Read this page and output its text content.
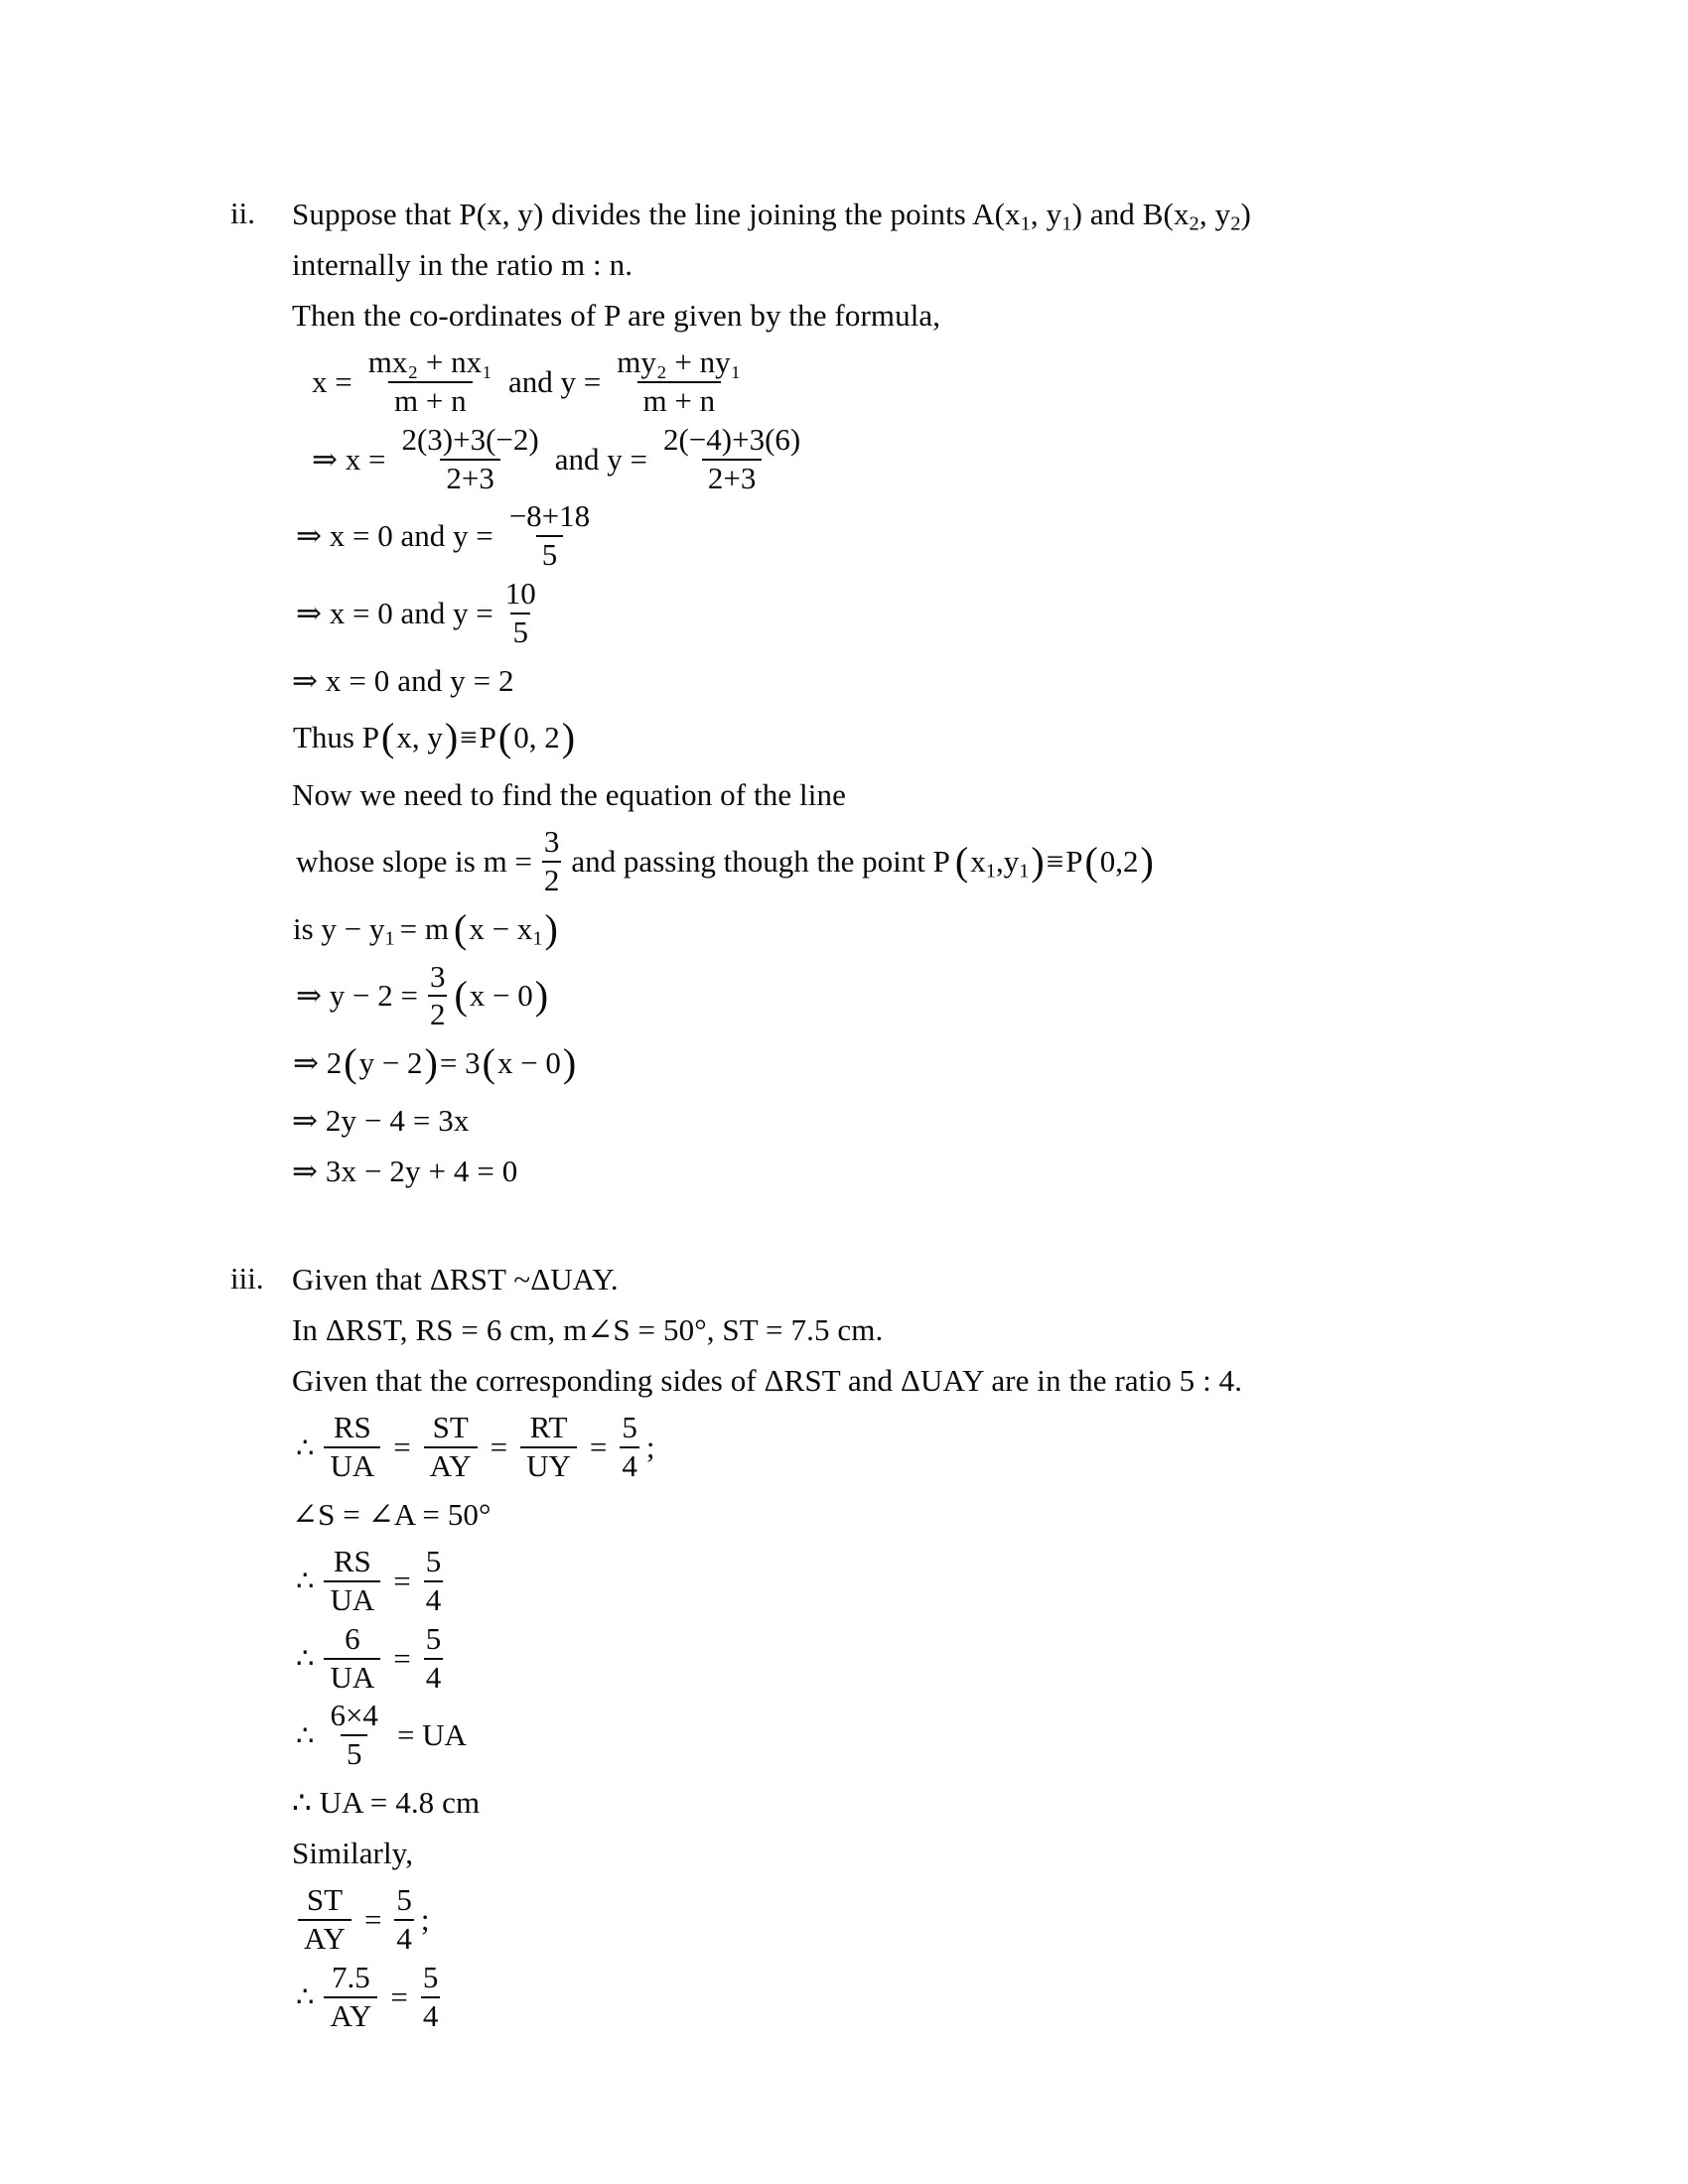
ii.	Suppose that P(x, y) divides the line joining the points $A(x_1$, $y_1$) and $B(x_2$, $y_2$)
internally in the ratio m : n.
Then the co-ordinates of P are given by the formula,
$x = \frac{\text{mx₂ + nx₁}}{m + n}$ and $y = \frac{\text{my₂ + ny₁}}{m + n}$
⇒ $x = \frac{2(3)+3(-2)}{2+3}$ and $y = \frac{2(-4)+3(6)}{2+3}$
⇒ x = 0 and $y = \frac{-8+18}{5}$
⇒ x = 0 and $y = \frac{10}{5}$
⇒ x = 0 and y = 2
Thus P ( x, y ) ≡ P ( 0, 2 )
Now we need to find the equation of the line
whose slope is $m = \frac{3}{2}$ and passing though the point P ( $x_1,y_1$ ) ≡ P ( 0,2 )
is $y - y_1 = m$ ( $x - x_1$ )
⇒ $y - 2 = \frac{3}{2}$ ( x − 0 )
⇒ 2 ( y − 2 ) = 3 ( x − 0 )
⇒ 2y − 4 = 3x
⇒ 3x − 2y + 4 = 0
iii. Given that ΔRST ~ΔUAY.
In ΔRST, RS = 6 cm, m∠S = 50°, ST = 7.5 cm.
Given that the corresponding sides of ΔRST and ΔUAY are in the ratio 5 : 4.
∴ $\frac{RS}{UA} = \frac{ST}{AY} = \frac{RT}{UY} = \frac{5}{4}$ ;
∠S = ∠A = 50°
∴ $\frac{RS}{UA} = \frac{5}{4}$
∴ $\frac{6}{UA} = \frac{5}{4}$
∴ $\frac{6\times 4}{5}$ = UA
∴ UA = 4.8 cm
Similarly,
$\frac{ST}{AY} = \frac{5}{4}$ ;
∴ $\frac{7.5}{AY} = \frac{5}{4}$
